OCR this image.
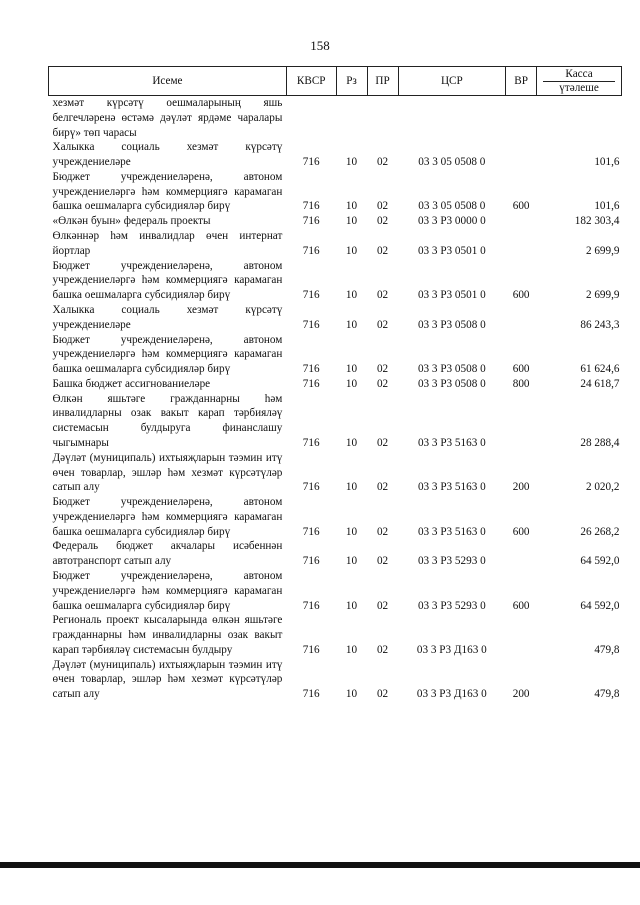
158
Исеме	КВСР	Рз	ПР	ЦСР	ВР	Касса
үтәлеше

хезмәт күрсәтү оешмаларының яшь белгечләренә өстәмә дәүләт ярдәме чаралары бирү» төп чарасы						
Халыкка социаль хезмәт күрсәтү учреждениеләре	716	10	02	03 3 05 0508 0		101,6
Бюджет учреждениеләренә, автоном учреждениеләргә һәм коммерциягә карамаган башка оешмаларга субсидияләр бирү	716	10	02	03 3 05 0508 0	600	101,6
«Өлкән буын» федераль проекты	716	10	02	03 3 P3 0000 0		182 303,4
Өлкәннәр һәм инвалидлар өчен интернат йортлар	716	10	02	03 3 P3 0501 0		2 699,9
Бюджет учреждениеләренә, автоном учреждениеләргә һәм коммерциягә карамаган башка оешмаларга субсидияләр бирү	716	10	02	03 3 P3 0501 0	600	2 699,9
Халыкка социаль хезмәт күрсәтү учреждениеләре	716	10	02	03 3 P3 0508 0		86 243,3
Бюджет учреждениеләренә, автоном учреждениеләргә һәм коммерциягә карамаган башка оешмаларга субсидияләр бирү	716	10	02	03 3 P3 0508 0	600	61 624,6
Башка бюджет ассигнованиеләре	716	10	02	03 3 P3 0508 0	800	24 618,7
Өлкән яшьтәге гражданнарны һәм инвалидларны озак вакыт карап тәрбияләү системасын булдыруга финанслашу чыгымнары	716	10	02	03 3 P3 5163 0		28 288,4
Дәүләт (муниципаль) ихтыяҗларын тәэмин итү өчен товарлар, эшләр һәм хезмәт күрсәтүләр сатып алу	716	10	02	03 3 P3 5163 0	200	2 020,2
Бюджет учреждениеләренә, автоном учреждениеләргә һәм коммерциягә карамаган башка оешмаларга субсидияләр бирү	716	10	02	03 3 P3 5163 0	600	26 268,2
Федераль бюджет акчалары исәбеннән автотранспорт сатып алу	716	10	02	03 3 P3 5293 0		64 592,0
Бюджет учреждениеләренә, автоном учреждениеләргә һәм коммерциягә карамаган башка оешмаларга субсидияләр бирү	716	10	02	03 3 P3 5293 0	600	64 592,0
Региональ проект кысаларында өлкән яшьтәге гражданнарны һәм инвалидларны озак вакыт карап тәрбияләү системасын булдыру	716	10	02	03 3 P3 Д163 0		479,8
Дәүләт (муниципаль) ихтыяҗларын тәэмин итү өчен товарлар, эшләр һәм хезмәт күрсәтүләр сатып алу	716	10	02	03 3 P3 Д163 0	200	479,8
